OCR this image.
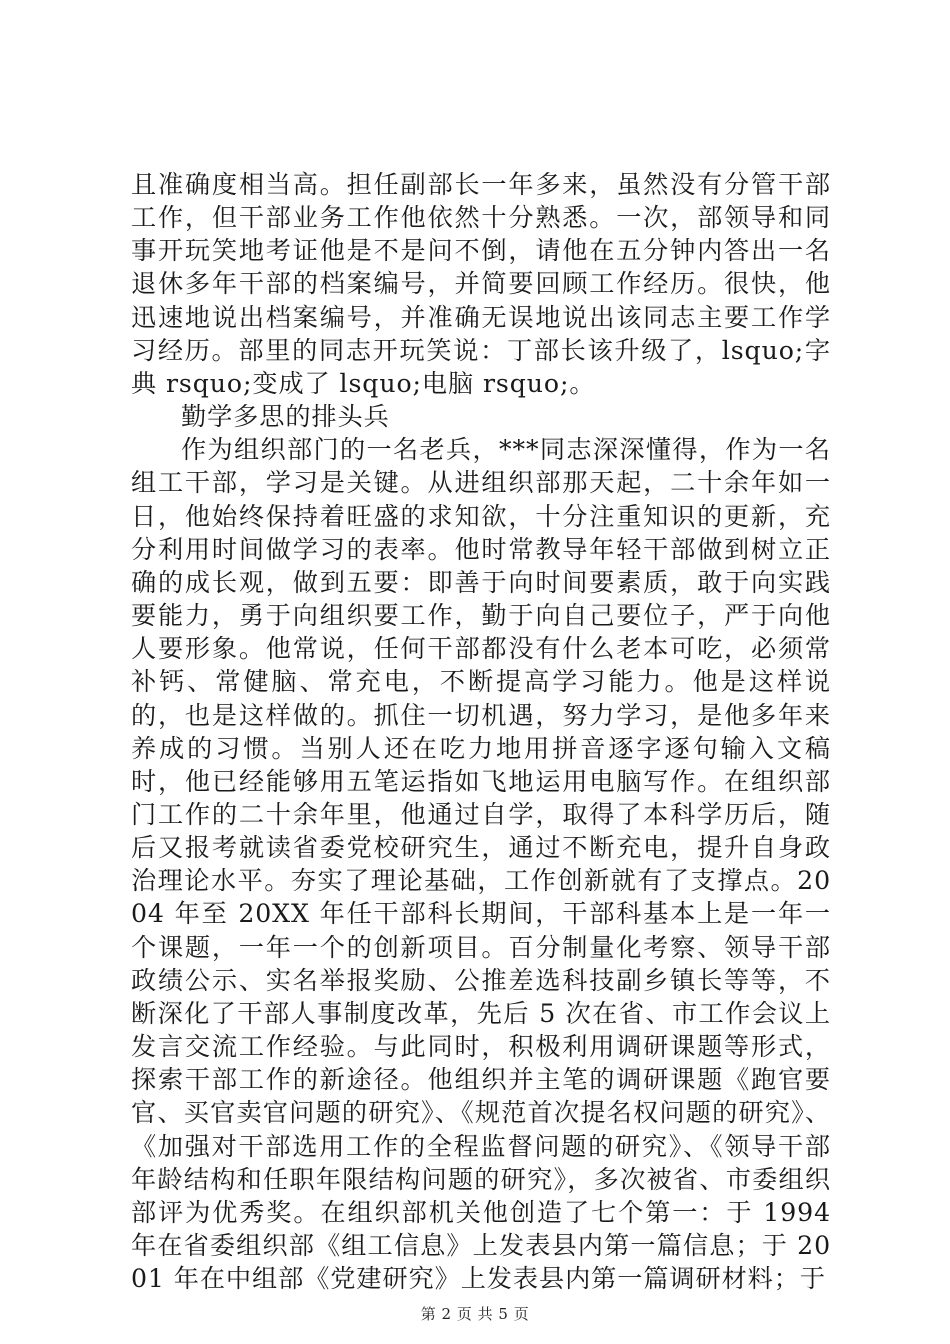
且准确度相当高。担任副部长一年多来，虽然没有分管干部工作，但干部业务工作他依然十分熟悉。一次，部领导和同事开玩笑地考证他是不是问不倒，请他在五分钟内答出一名退休多年干部的档案编号，并简要回顾工作经历。很快，他迅速地说出档案编号，并准确无误地说出该同志主要工作学习经历。部里的同志开玩笑说：丁部长该升级了，lsquo;字典 rsquo;变成了 lsquo;电脑 rsquo;。

勤学多思的排头兵

作为组织部门的一名老兵，***同志深深懂得，作为一名组工干部，学习是关键。从进组织部那天起，二十余年如一日，他始终保持着旺盛的求知欲，十分注重知识的更新，充分利用时间做学习的表率。他时常教导年轻干部做到树立正确的成长观，做到五要：即善于向时间要素质，敢于向实践要能力，勇于向组织要工作，勤于向自己要位子，严于向他人要形象。他常说，任何干部都没有什么老本可吃，必须常补钙、常健脑、常充电，不断提高学习能力。他是这样说的，也是这样做的。抓住一切机遇，努力学习，是他多年来养成的习惯。当别人还在吃力地用拼音逐字逐句输入文稿时，他已经能够用五笔运指如飞地运用电脑写作。在组织部门工作的二十余年里，他通过自学，取得了本科学历后，随后又报考就读省委党校研究生，通过不断充电，提升自身政治理论水平。夯实了理论基础，工作创新就有了支撑点。2004 年至 20XX 年任干部科长期间，干部科基本上是一年一个课题，一年一个的创新项目。百分制量化考察、领导干部政绩公示、实名举报奖励、公推差选科技副乡镇长等等，不断深化了干部人事制度改革，先后 5 次在省、市工作会议上发言交流工作经验。与此同时，积极利用调研课题等形式，探索干部工作的新途径。他组织并主笔的调研课题《跑官要官、买官卖官问题的研究》、《规范首次提名权问题的研究》、《加强对干部选用工作的全程监督问题的研究》、《领导干部年龄结构和任职年限结构问题的研究》，多次被省、市委组织部评为优秀奖。在组织部机关他创造了七个第一：于 1994 年在省委组织部《组工信息》上发表县内第一篇信息；于 2001 年在中组部《党建研究》上发表县内第一篇调研材料；于

第 2 页 共 5 页
